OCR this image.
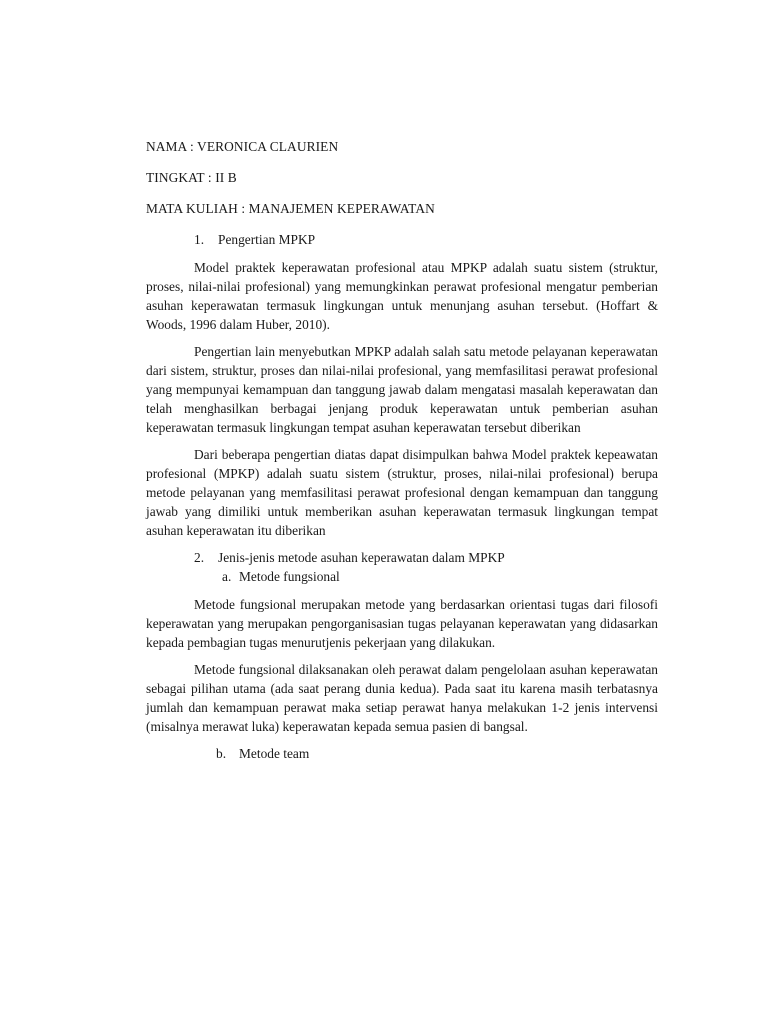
NAMA : VERONICA CLAURIEN

TINGKAT : II B

MATA KULIAH : MANAJEMEN KEPERAWATAN

1. Pengertian MPKP

Model praktek keperawatan profesional atau MPKP adalah suatu sistem (struktur, proses, nilai-nilai profesional) yang memungkinkan perawat profesional mengatur pemberian asuhan keperawatan termasuk lingkungan untuk menunjang asuhan tersebut. (Hoffart & Woods, 1996 dalam Huber, 2010).

Pengertian lain menyebutkan MPKP adalah salah satu metode pelayanan keperawatan dari sistem, struktur, proses dan nilai-nilai profesional, yang memfasilitasi perawat profesional yang mempunyai kemampuan dan tanggung jawab dalam mengatasi masalah keperawatan dan telah menghasilkan berbagai jenjang produk keperawatan untuk pemberian asuhan keperawatan termasuk lingkungan tempat asuhan keperawatan tersebut diberikan

Dari beberapa pengertian diatas dapat disimpulkan bahwa Model praktek kepeawatan profesional (MPKP) adalah suatu sistem (struktur, proses, nilai-nilai profesional) berupa metode pelayanan yang memfasilitasi perawat profesional dengan kemampuan dan tanggung jawab yang dimiliki untuk memberikan asuhan keperawatan termasuk lingkungan tempat asuhan keperawatan itu diberikan

2. Jenis-jenis metode asuhan keperawatan dalam MPKP
a. Metode fungsional

Metode fungsional merupakan metode yang berdasarkan orientasi tugas dari filosofi keperawatan yang merupakan pengorganisasian tugas pelayanan keperawatan yang didasarkan kepada pembagian tugas menurutjenis pekerjaan yang dilakukan.

Metode fungsional dilaksanakan oleh perawat dalam pengelolaan asuhan keperawatan sebagai pilihan utama (ada saat perang dunia kedua). Pada saat itu karena masih terbatasnya jumlah dan kemampuan perawat maka setiap perawat hanya melakukan 1-2 jenis intervensi (misalnya merawat luka) keperawatan kepada semua pasien di bangsal.

b. Metode team
